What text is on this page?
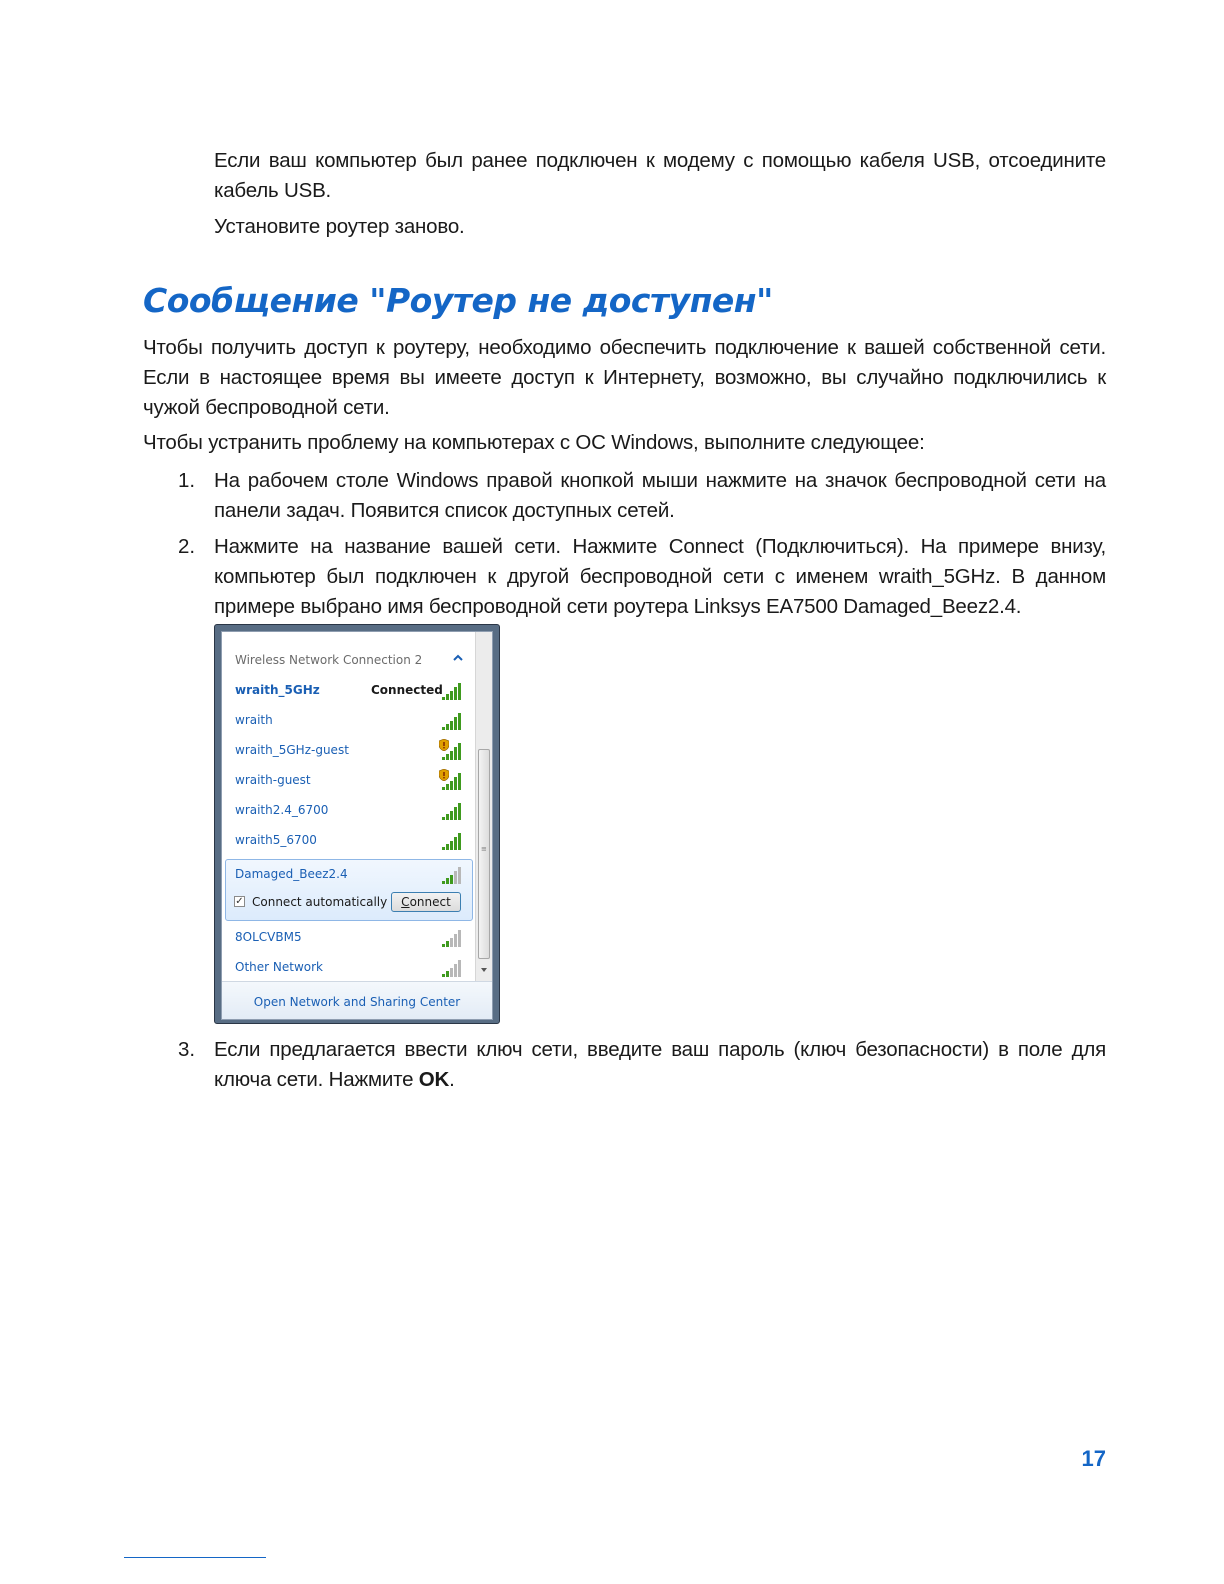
Если ваш компьютер был ранее подключен к модему с помощью кабеля USB, отсоедините кабель USB.

Установите роутер заново.

Сообщение "Роутер не доступен"

Чтобы получить доступ к роутеру, необходимо обеспечить подключение к вашей собственной сети. Если в настоящее время вы имеете доступ к Интернету, возможно, вы случайно подключились к чужой беспроводной сети.

Чтобы устранить проблему на компьютерах с ОС Windows, выполните следующее:

1. На рабочем столе Windows правой кнопкой мыши нажмите на значок беспроводной сети на панели задач. Появится список доступных сетей.

2. Нажмите на название вашей сети. Нажмите Connect (Подключиться). На примере внизу, компьютер был подключен к другой беспроводной сети с именем wraith_5GHz. В данном примере выбрано имя беспроводной сети роутера Linksys EA7500 Damaged_Beez2.4.

Wireless Network Connection 2
wraith_5GHz	Connected
wraith
wraith_5GHz-guest
wraith-guest
wraith2.4_6700
wraith5_6700
Damaged_Beez2.4
✓ Connect automatically	Connect
8OLCVBM5
Other Network
≡
Open Network and Sharing Center
3. Если предлагается ввести ключ сети, введите ваш пароль (ключ безопасности) в поле для ключа сети. Нажмите OK.

17
